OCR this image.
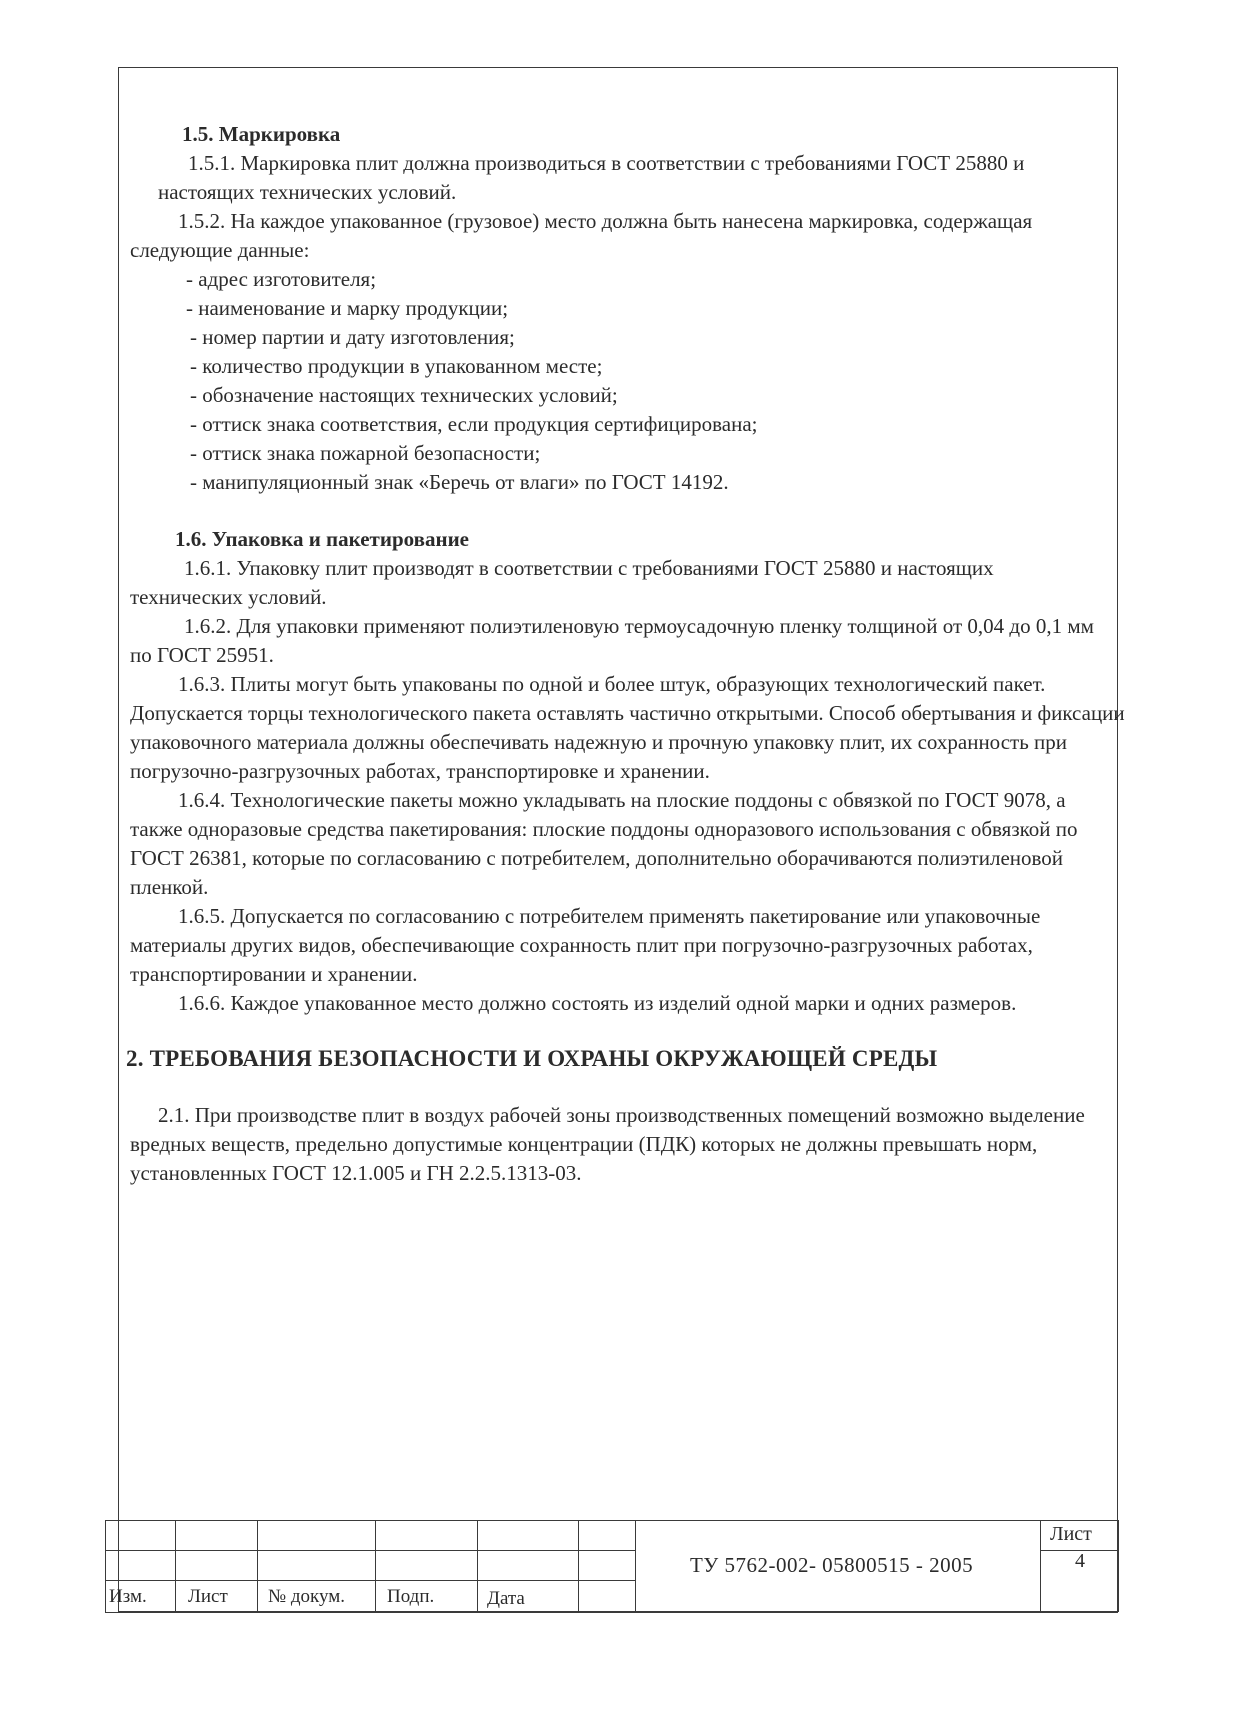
1.5. Маркировка
1.5.1. Маркировка плит должна производиться в соответствии с требованиями ГОСТ 25880 и настоящих технических условий.
1.5.2. На каждое упакованное (грузовое) место должна быть нанесена маркировка, содержащая следующие данные:
- адрес изготовителя;
- наименование и марку продукции;
- номер партии и дату изготовления;
- количество продукции в упакованном месте;
- обозначение настоящих технических условий;
- оттиск знака соответствия, если продукция сертифицирована;
- оттиск знака пожарной безопасности;
- манипуляционный знак «Беречь от влаги» по ГОСТ 14192.
1.6. Упаковка и пакетирование
1.6.1. Упаковку плит производят в соответствии с требованиями ГОСТ 25880 и настоящих технических условий.
1.6.2. Для упаковки применяют полиэтиленовую термоусадочную пленку толщиной от 0,04 до 0,1 мм по ГОСТ 25951.
1.6.3. Плиты могут быть упакованы по одной и более штук, образующих технологический пакет. Допускается торцы технологического пакета оставлять частично открытыми. Способ обертывания и фиксации упаковочного материала должны обеспечивать надежную и прочную упаковку плит, их сохранность при погрузочно-разгрузочных работах, транспортировке и хранении.
1.6.4. Технологические пакеты можно укладывать на плоские поддоны с обвязкой по ГОСТ 9078, а также одноразовые средства пакетирования: плоские поддоны одноразового использования с обвязкой по ГОСТ 26381, которые по согласованию с потребителем, дополнительно оборачиваются полиэтиленовой пленкой.
1.6.5. Допускается по согласованию с потребителем применять пакетирование или упаковочные материалы других видов, обеспечивающие сохранность плит при погрузочно-разгрузочных работах, транспортировании и хранении.
1.6.6. Каждое упакованное место должно состоять из изделий одной марки и одних размеров.
2. ТРЕБОВАНИЯ БЕЗОПАСНОСТИ И ОХРАНЫ ОКРУЖАЮЩЕЙ СРЕДЫ
2.1. При производстве плит в воздух рабочей зоны производственных помещений возможно выделение вредных веществ, предельно допустимые концентрации (ПДК) которых не должны превышать норм, установленных ГОСТ 12.1.005 и ГН 2.2.5.1313-03.
Изм. Лист № докум. Подп.	Дата
ТУ 5762-002- 05800515 - 2005
Лист
4
